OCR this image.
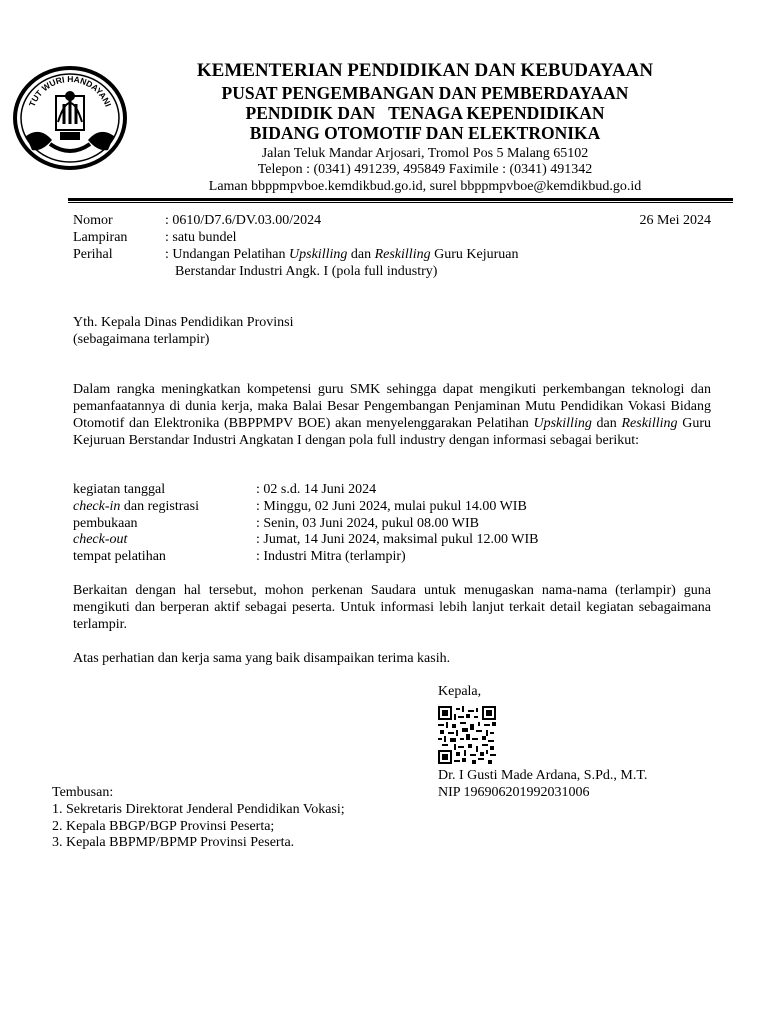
TUT WURI HANDAYANI
KEMENTERIAN PENDIDIKAN DAN KEBUDAYAAN
PUSAT PENGEMBANGAN DAN PEMBERDAYAAN
PENDIDIK DAN   TENAGA KEPENDIDIKAN
BIDANG OTOMOTIF DAN ELEKTRONIKA
Jalan Teluk Mandar Arjosari, Tromol Pos 5 Malang 65102
Telepon : (0341) 491239, 495849 Faximile : (0341) 491342
Laman bbppmpvboe.kemdikbud.go.id, surel bbppmpvboe@kemdikbud.go.id
Nomor	: 0610/D7.6/DV.03.00/2024	26 Mei 2024
Lampiran	: satu bundel
Perihal	: Undangan Pelatihan Upskilling dan Reskilling Guru Kejuruan
Berstandar Industri Angk. I (pola full industry)
Yth. Kepala Dinas Pendidikan Provinsi
(sebagaimana terlampir)
Dalam rangka meningkatkan kompetensi guru SMK sehingga dapat mengikuti perkembangan teknologi dan pemanfaatannya di dunia kerja, maka Balai Besar Pengembangan Penjaminan Mutu Pendidikan Vokasi Bidang Otomotif dan Elektronika (BBPPMPV BOE) akan menyelenggarakan Pelatihan Upskilling dan Reskilling Guru Kejuruan Berstandar Industri Angkatan I dengan pola full industry dengan informasi sebagai berikut:
kegiatan tanggal	: 02 s.d. 14 Juni 2024
check-in dan registrasi	: Minggu, 02 Juni 2024, mulai pukul 14.00 WIB
pembukaan	: Senin, 03 Juni 2024, pukul 08.00 WIB
check-out	: Jumat, 14 Juni 2024, maksimal pukul 12.00 WIB
tempat pelatihan	: Industri Mitra (terlampir)
Berkaitan dengan hal tersebut, mohon perkenan Saudara untuk menugaskan nama-nama (terlampir) guna mengikuti dan berperan aktif sebagai peserta. Untuk informasi lebih lanjut terkait detail kegiatan sebagaimana terlampir.
Atas perhatian dan kerja sama yang baik disampaikan terima kasih.
Kepala,
Dr. I Gusti Made Ardana, S.Pd., M.T.
NIP 196906201992031006
Tembusan:
1. Sekretaris Direktorat Jenderal Pendidikan Vokasi;
2. Kepala BBGP/BGP Provinsi Peserta;
3. Kepala BBPMP/BPMP Provinsi Peserta.
